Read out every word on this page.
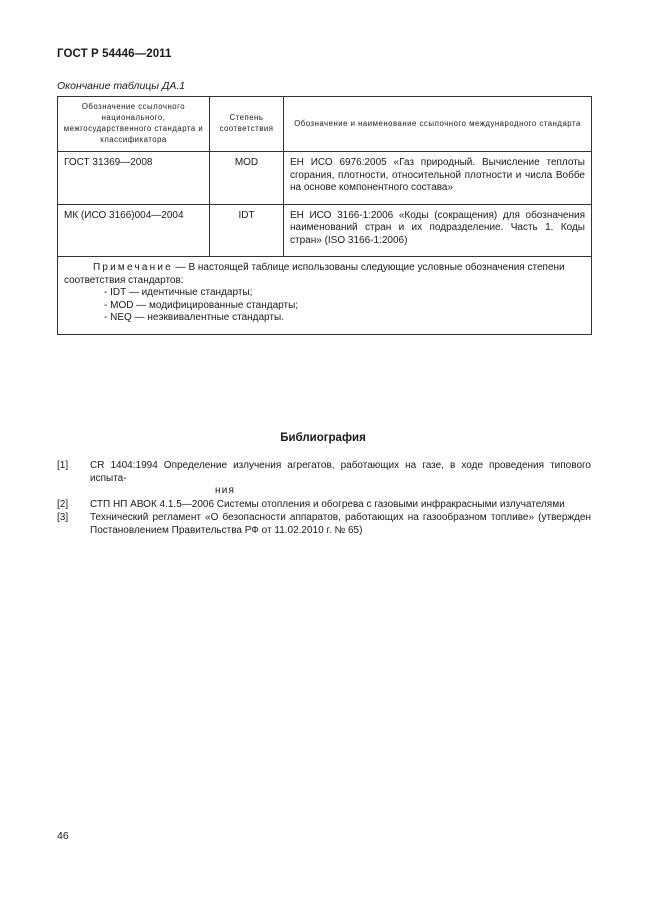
ГОСТ Р 54446—2011
Окончание таблицы ДА.1
Обозначение ссылочного национального, межгосударственного стандарта и классификатора	Степень соответствия	Обозначение и наименование ссылочного международного стандарта
ГОСТ 31369—2008	MOD	ЕН ИСО 6976:2005 «Газ природный. Вычисление теплоты сгорания, плотности, относительной плотности и числа Воббе на основе компонентного состава»
МК (ИСО 3166)004—2004	IDT	ЕН ИСО 3166-1:2006 «Коды (сокращения) для обозначения наименований стран и их подразделение. Часть 1. Коды стран» (ISO 3166-1:2006)

Примечание — В настоящей таблице использованы следующие условные обозначения степени соответствия стандартов:

- IDT — идентичные стандарты;
- MOD — модифицированные стандарты;
- NEQ — неэквивалентные стандарты.		
Библиография
[1]	CR 1404:1994 Определение излучения агрегатов, работающих на газе, в ходе проведения типового испыта-
ния
[2]	СТП НП АВОК 4.1.5—2006 Системы отопления и обогрева с газовыми инфракрасными излучателями
[3]	Технический регламент «О безопасности аппаратов, работающих на газообразном топливе» (утвержден Постановлением Правительства РФ от 11.02.2010 г. № 65)
46
